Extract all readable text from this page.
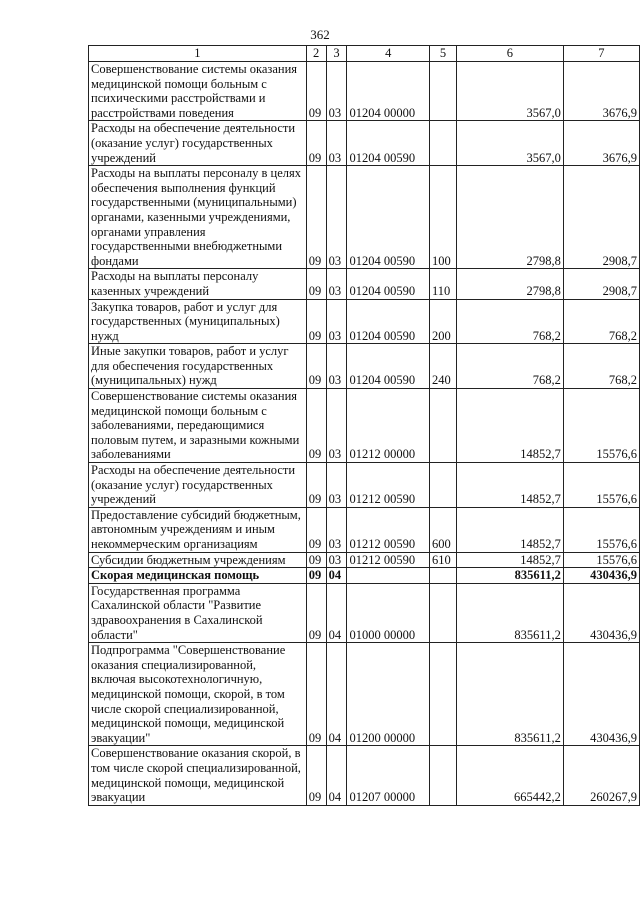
362
1	2	3	4	5	6	7
Совершенствование системы оказания медицинской помощи больным с психическими расстройствами и расстройствами поведения	09	03	01204 00000		3567,0	3676,9
Расходы на обеспечение деятельности (оказание услуг) государственных учреждений	09	03	01204 00590		3567,0	3676,9
Расходы на выплаты персоналу в целях обеспечения выполнения функций государственными (муниципальными) органами, казенными учреждениями, органами управления государственными внебюджетными фондами	09	03	01204 00590	100	2798,8	2908,7
Расходы на выплаты персоналу казенных учреждений	09	03	01204 00590	110	2798,8	2908,7
Закупка товаров, работ и услуг для государственных (муниципальных) нужд	09	03	01204 00590	200	768,2	768,2
Иные закупки товаров, работ и услуг для обеспечения государственных (муниципальных) нужд	09	03	01204 00590	240	768,2	768,2
Совершенствование системы оказания медицинской помощи больным с заболеваниями, передающимися половым путем, и заразными кожными заболеваниями	09	03	01212 00000		14852,7	15576,6
Расходы на обеспечение деятельности (оказание услуг) государственных учреждений	09	03	01212 00590		14852,7	15576,6
Предоставление субсидий бюджетным, автономным учреждениям и иным некоммерческим организациям	09	03	01212 00590	600	14852,7	15576,6
Субсидии бюджетным учреждениям	09	03	01212 00590	610	14852,7	15576,6
Скорая медицинская помощь	09	04			835611,2	430436,9
Государственная программа Сахалинской области "Развитие здравоохранения в Сахалинской области"	09	04	01000 00000		835611,2	430436,9
Подпрограмма "Совершенствование оказания специализированной, включая высокотехнологичную, медицинской помощи, скорой, в том числе скорой специализированной, медицинской помощи, медицинской эвакуации"	09	04	01200 00000		835611,2	430436,9
Совершенствование оказания скорой, в том числе скорой специализированной, медицинской помощи, медицинской эвакуации	09	04	01207 00000		665442,2	260267,9
